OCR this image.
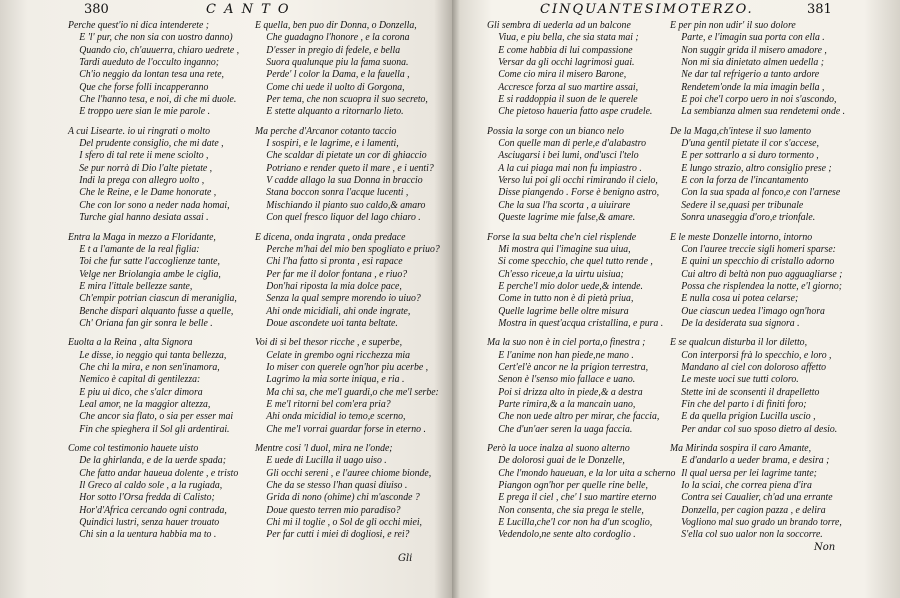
380	C A N T O
Perche quest'io ni dica intenderete ;
E 'l' pur, che non sia con uostro danno)
Quando cio, ch'auuerra, chiaro uedrete ,
Tardi aueduto de l'occulto inganno;
Ch'io neggio da lontan tesa una rete,
Que che forse folli incapperanno
Che l'hanno tesa, e noi, di che mi duole.
E troppo uere sian le mie parole .
A cui Lisearte. io ui ringrati o molto
Del prudente consiglio, che mi date ,
I sfero di tal rete ii mene sciolto ,
Se pur norrà di Dio l'alte pietate ,
Indi la prega con allegro uolto ,
Che le Reine, e le Dame honorate ,
Che con lor sono a neder nada homai,
Turche gial hanno desiata assai .
Entra la Maga in mezzo a Floridante,
E t a l'amante de la real figlia:
Toi che fur satte l'accoglienze tante,
Velge ner Briolangia ambe le ciglia,
E mira l'ittale bellezze sante,
Ch'empir potrian ciascun di meraniglia,
Benche dispari alquanto fusse a quelle,
Ch' Oriana fan gir sonra le belle .
Euolta a la Reina , alta Signora
Le disse, io neggio qui tanta bellezza,
Che chi la mira, e non sen'inamora,
Nemico è capital di gentilezza:
E piu ui dico, che s'alcr dimora
Leal amor, ne la maggior altezza,
Che ancor sia flato, o sia per esser mai
Fin che spieghera il Sol gli ardentirai.
Come col testimonio hauete uisto
De la ghirlanda, e de la uerde spada;
Che fatto andar haueua dolente , e tristo
Il Greco al caldo sole , a la rugiada,
Hor sotto l'Orsa fredda di Calisto;
Hor'd'Africa cercando ogni contrada,
Quindici lustri, senza hauer trouato
Chi sin a la uentura habbia ma to .
E quella, ben puo dir Donna, o Donzella,
Che guadagno l'honore , e la corona
D'esser in pregio di fedele, e bella
Suora qualunque piu la fama suona.
Perde' l color la Dama, e la fauella ,
Come chi uede il uolto di Gorgona,
Per tema, che non scuopra il suo secreto,
E stette alquanto a ritornarlo lieto.
Ma perche d'Arcanor cotanto taccio
I sospiri, e le lagrime, e i lamenti,
Che scaldar di pietate un cor di ghiaccio
Potriano e render queto il mare , e i uenti?
V cadde allago la sua Donna in braccio
Stana boccon sonra l'acque lucenti ,
Mischiando il pianto suo caldo,& amaro
Con quel fresco liquor del lago chiaro .
E dicena, onda ingrata , onda predace
Perche m'hai del mio ben spogliato e priuo?
Chi l'ha fatto si pronta , esi rapace
Per far me il dolor fontana , e riuo?
Don'hai riposta la mia dolce pace,
Senza la qual sempre morendo io uiuo?
Ahi onde micidiali, ahi onde ingrate,
Doue ascondete uoi tanta beltate.
Voi di si bel thesor ricche , e superbe,
Celate in grembo ogni ricchezza mia
Io miser con querele ogn'hor piu acerbe ,
Lagrimo la mia sorte iniqua, e ria .
Ma chi sa, che me'l guardi,o che me'l serbe:
E me'l ritorni bel com'era pria?
Ahi onda micidial io temo,e scerno,
Che me'l vorrai guardar forse in eterno .
Mentre cosi 'l duol, mira ne l'onde;
E uede di Lucilla il uago uiso .
Gli occhi sereni , e l'auree chiome bionde,
Che da se stesso l'han quasi diuiso .
Grida di nono (ohime) chi m'asconde ?
Doue questo terren mio paradiso?
Chi mi il toglie , o Sol de gli occhi miei,
Per far cutti i miei di dogliosi, e rei?
Gli
CINQUANTESIMOTERZO.	381
Gli sembra di uederla ad un balcone
Viua, e piu bella, che sia stata mai ;
E come habbia di lui compassione
Versar da gli occhi lagrimosi guai.
Come cio mira il misero Barone,
Accresce forza al suo martire assai,
E si raddoppia il suon de le querele
Che pietoso haueria fatto aspe crudele.
Possia la sorge con un bianco nelo
Con quelle man di perle,e d'alabastro
Asciugarsi i bei lumi, ond'usci l'telo
A la cui piaga mai non fu impiastro .
Verso lui poi gli occhi rimirando il cielo,
Disse piangendo . Forse è benigno astro,
Che la sua l'ha scorta , a uiuirare
Queste lagrime mie false,& amare.
Forse la sua belta che'n ciel risplende
Mi mostra qui l'imagine sua uiua,
Si come specchio, che quel tutto rende ,
Ch'esso riceue,a la uirtu uisiua;
E perche'l mio dolor uede,& intende.
Come in tutto non è di pietà priua,
Quelle lagrime belle oltre misura
Mostra in quest'acqua cristallina, e pura .
Ma la suo non è in ciel porta,o finestra ;
E l'anime non han piede,ne mano .
Cert'el'è ancor ne la prigion terrestra,
Senon è l'senso mio fallace e uano.
Poi si drizza alto in piede,& a destra
Parte rimira,& a la mancain uano,
Che non uede altro per mirar, che faccia,
Che d'un'aer seren la uaga faccia.
Però la uoce inalza al suono alterno
De dolorosi guai de le Donzelle,
Che l'mondo haueuan, e la lor uita a scherno
Piangon ogn'hor per quelle rine belle,
E prega il ciel , che' l suo martire eterno
Non consenta, che sia prega le stelle,
E Lucilla,che'l cor non ha d'un scoglio,
Vedendolo,ne sente alto cordoglio .
E per pin non udir' il suo dolore
Parte, e l'imagin sua porta con ella .
Non suggir grida il misero amadore ,
Non mi sia dinietato almen uedella ;
Ne dar tal refrigerio a tanto ardore
Rendetem'onde la mia imagin bella ,
E poi che'l corpo uero in noi s'ascondo,
La sembianza almen sua rendetemi onde .
De la Maga,ch'intese il suo lamento
D'una gentil pietate il cor s'accese,
E per sottrarlo a si duro tormento ,
E lungo strazio, altro consiglio prese ;
E con la forza de l'incantamento
Con la sua spada al fonco,e con l'arnese
Sedere il se,quasi per tribunale
Sonra unaseggia d'oro,e trionfale.
E le meste Donzelle intorno, intorno
Con l'auree treccie sigli homeri sparse:
E quini un specchio di cristallo adorno
Cui altro di beltà non puo agguagliarse ;
Possa che risplendea la notte, e'l giorno;
E nulla cosa ui potea celarse;
Oue ciascun uedea l'imago ogn'hora
De la desiderata sua signora .
E se qualcun disturba il lor diletto,
Con interporsi frà lo specchio, e loro ,
Mandano al ciel con doloroso affetto
Le meste uoci sue tutti coloro.
Stette ini de sconsenti il drapelletto
Fin che del parto i di finiti foro;
E da quella prigion Lucilla uscio ,
Per andar col suo sposo dietro al desio.
Ma Mirinda sospira il caro Amante,
E d'andarlo a ueder brama, e desira ;
Il qual uersa per lei lagrime tante;
Io la sciai, che correa piena d'ira
Contra sei Caualier, ch'ad una errante
Donzella, per cagion pazza , e delira
Vogliono mal suo grado un brando torre,
S'ella col suo ualor non la soccorre.
Non
